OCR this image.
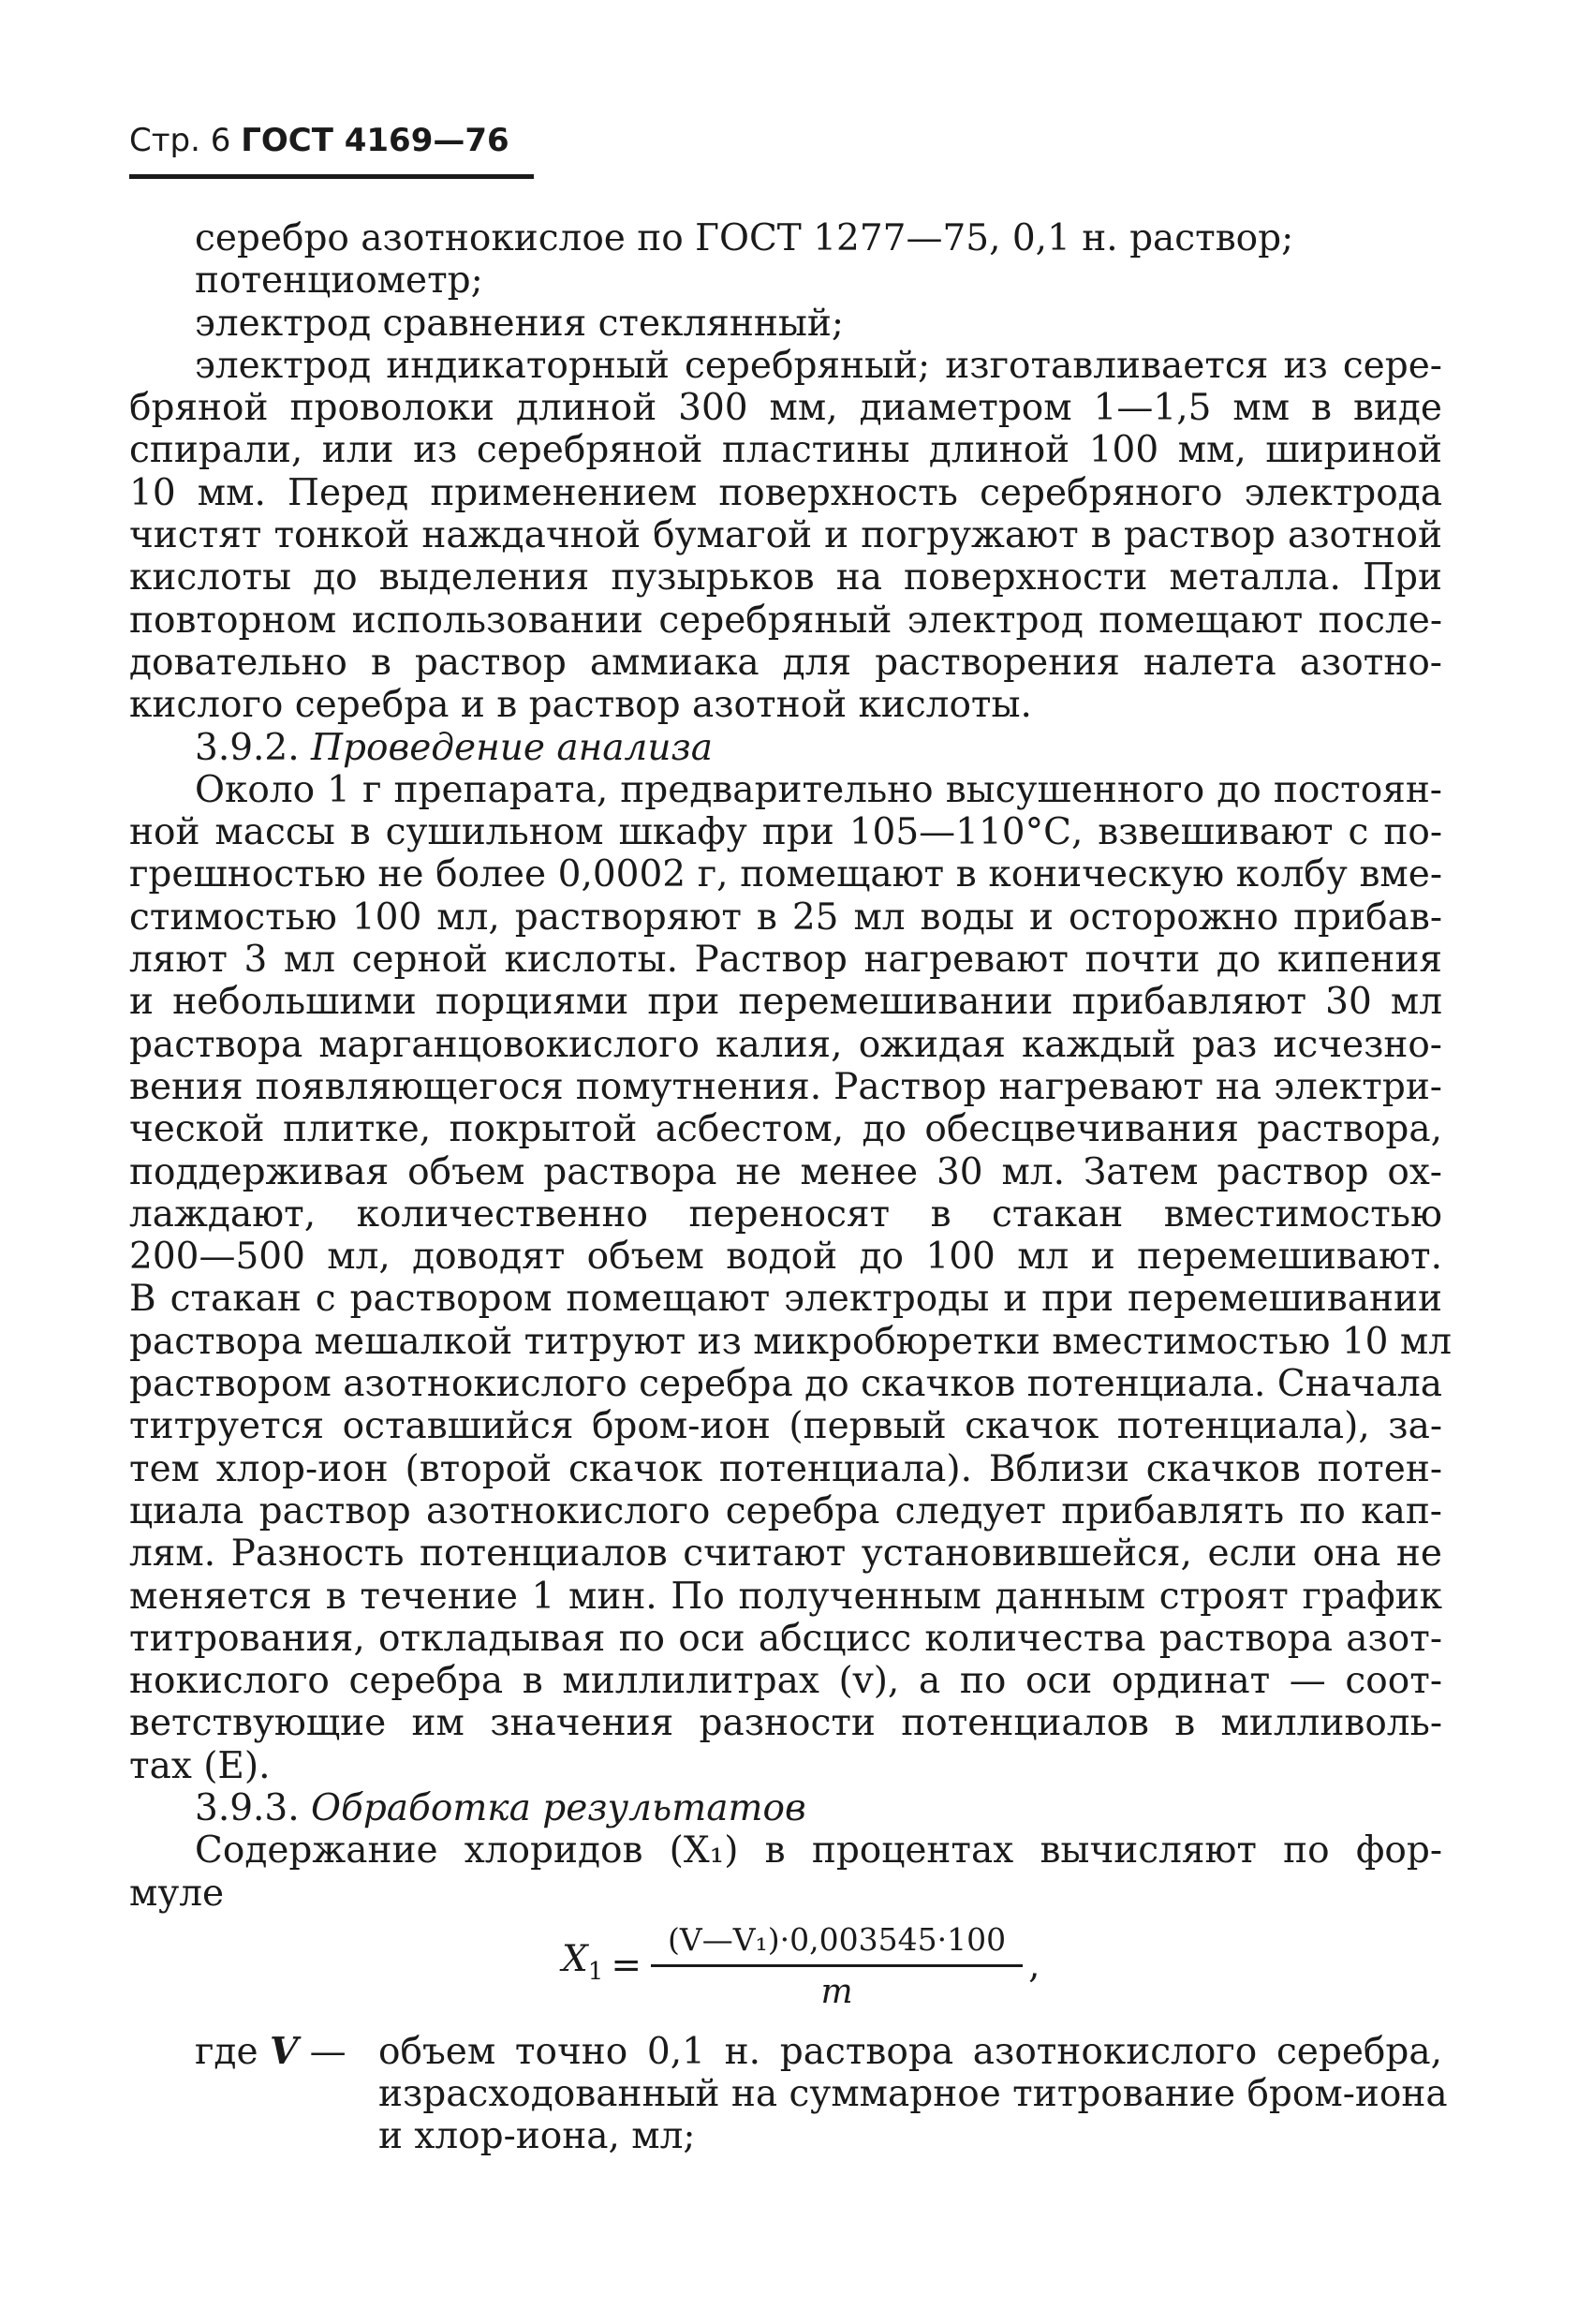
Стр. 6 ГОСТ 4169—76
серебро азотнокислое по ГОСТ 1277—75, 0,1 н. раствор;
потенциометр;
электрод сравнения стеклянный;
электрод индикаторный серебряный; изготавливается из сере-
бряной проволоки длиной 300 мм, диаметром 1—1,5 мм в виде
спирали, или из серебряной пластины длиной 100 мм, шириной
10 мм. Перед применением поверхность серебряного электрода
чистят тонкой наждачной бумагой и погружают в раствор азотной
кислоты до выделения пузырьков на поверхности металла. При
повторном использовании серебряный электрод помещают после-
довательно в раствор аммиака для растворения налета азотно-
кислого серебра и в раствор азотной кислоты.
3.9.2. Проведение анализа
Около 1 г препарата, предварительно высушенного до постоян-
ной массы в сушильном шкафу при 105—110°С, взвешивают с по-
грешностью не более 0,0002 г, помещают в коническую колбу вме-
стимостью 100 мл, растворяют в 25 мл воды и осторожно прибав-
ляют 3 мл серной кислоты. Раствор нагревают почти до кипения
и небольшими порциями при перемешивании прибавляют 30 мл
раствора марганцовокислого калия, ожидая каждый раз исчезно-
вения появляющегося помутнения. Раствор нагревают на электри-
ческой плитке, покрытой асбестом, до обесцвечивания раствора,
поддерживая объем раствора не менее 30 мл. Затем раствор ох-
лаждают, количественно переносят в стакан вместимостью
200—500 мл, доводят объем водой до 100 мл и перемешивают.
В стакан с раствором помещают электроды и при перемешивании
раствора мешалкой титруют из микробюретки вместимостью 10 мл
раствором азотнокислого серебра до скачков потенциала. Сначала
титруется оставшийся бром-ион (первый скачок потенциала), за-
тем хлор-ион (второй скачок потенциала). Вблизи скачков потен-
циала раствор азотнокислого серебра следует прибавлять по кап-
лям. Разность потенциалов считают установившейся, если она не
меняется в течение 1 мин. По полученным данным строят график
титрования, откладывая по оси абсцисс количества раствора азот-
нокислого серебра в миллилитрах (v), а по оси ординат — соот-
ветствующие им значения разности потенциалов в милливоль-
тах (Е).
3.9.3. Обработка результатов
Содержание хлоридов (X₁) в процентах вычисляют по фор-
муле
$X_1 = \frac{\text{(V—V₁)·0,003545·100}}{m}$ ,
где V — объем точно 0,1 н. раствора азотнокислого серебра,
израсходованный на суммарное титрование бром-иона
и хлор-иона, мл;
